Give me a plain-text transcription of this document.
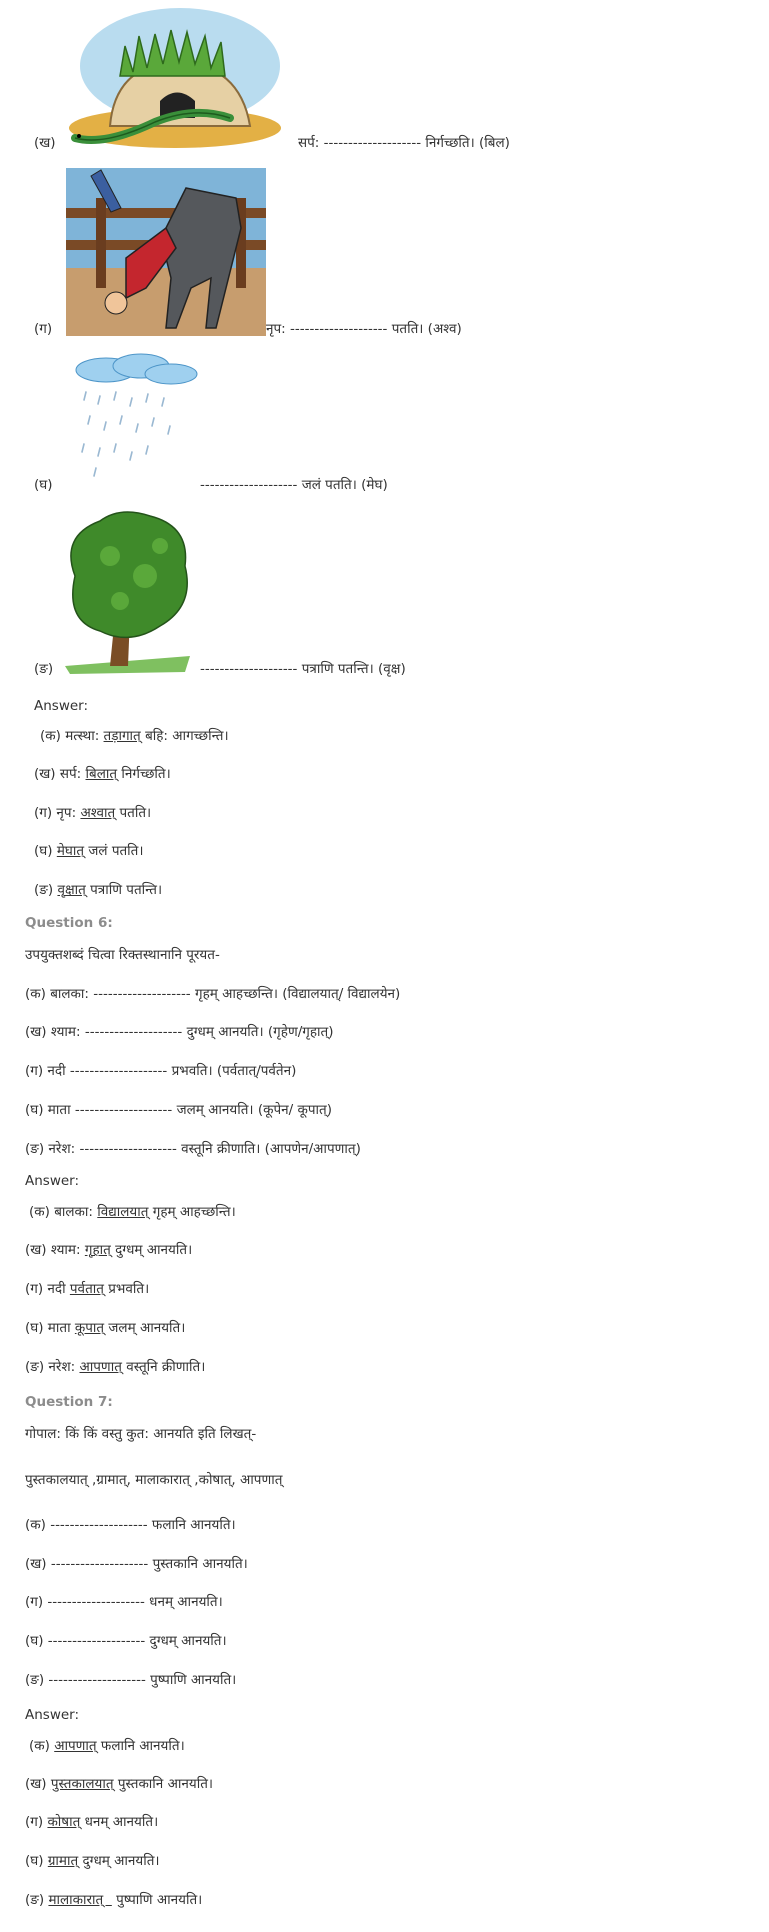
(ख)	सर्प: -------------------- निर्गच्छति। (बिल)
(ग)	नृप: -------------------- पतति। (अश्व)
(घ)	-------------------- जलं पतति। (मेघ)
(ङ)	-------------------- पत्राणि पतन्ति। (वृक्ष)
Answer:
(क) मत्स्था: तड़ागात् बहि: आगच्छन्ति।
(ख) सर्प: बिलात् निर्गच्छति।
(ग) नृप: अश्वात् पतति।
(घ) मेघात् जलं पतति।
(ङ) वृक्षात् पत्राणि पतन्ति।
Question 6:
उपयुक्तशब्दं चित्वा रिक्तस्थानानि पूरयत-
(क) बालका: -------------------- गृहम् आहच्छन्ति। (विद्यालयात्/ विद्यालयेन)
(ख) श्याम: -------------------- दुग्धम् आनयति। (गृहेण/गृहात्)
(ग) नदी -------------------- प्रभवति। (पर्वतात्/पर्वतेन)
(घ) माता -------------------- जलम् आनयति। (कूपेन/ कूपात्)
(ङ) नरेश: -------------------- वस्तूनि क्रीणाति। (आपणेन/आपणात्)
Answer:
(क) बालका: विद्यालयात् गृहम् आहच्छन्ति।
(ख) श्याम: गृहात् दुग्धम् आनयति।
(ग) नदी पर्वतात् प्रभवति।
(घ) माता कूपात् जलम् आनयति।
(ङ) नरेश: आपणात् वस्तूनि क्रीणाति।
Question 7:
गोपाल: किं किं वस्तु कुत: आनयति इति लिखत्-
पुस्तकालयात् ,ग्रामात्, मालाकारात् ,कोषात्, आपणात्
(क) -------------------- फलानि आनयति।
(ख) -------------------- पुस्तकानि आनयति।
(ग) -------------------- धनम् आनयति।
(घ) -------------------- दुग्धम् आनयति।
(ङ) -------------------- पुष्पाणि आनयति।
Answer:
(क) आपणात् फलानि आनयति।
(ख) पुस्तकालयात् पुस्तकानि आनयति।
(ग) कोषात् धनम् आनयति।
(घ) ग्रामात् दुग्धम् आनयति।
(ङ) मालाकारात्   पुष्पाणि आनयति।
